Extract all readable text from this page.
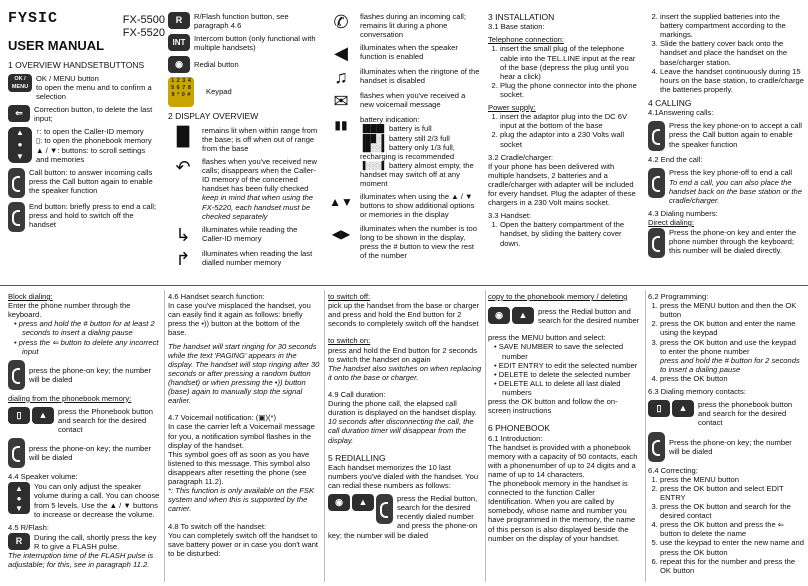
FYSIC

USER MANUAL

1 OVERVIEW HANDSETBUTTONS

OK / MENU

OK / MENU button
to open the menu and to confirm a selection

⇐	Correction button, to delete the last input;

▲
●
▼

↑: to open the Caller-ID memory
▯: to open the phonebook memory
▲ / ▼: buttons: to scroll settings and memories

Call button: to answer incoming calls press the Call button again to enable the speaker function

End button: briefly press to end a call; press and hold to switch off the handset

FX-5500

FX-5520

R	R/Flash function button, see paragraph 4.6

INT	Intercom button (only functional with multiple handsets)

◉	Redial button

1 2 3 4 5 6 7 8 9 * 0 #	Keypad

2 DISPLAY OVERVIEW

▐▌ remains lit when within range from the base; is off when out of range from the base

↶	flashes when you've received new calls; disappears when the Caller-ID memory of the concerned handset has been fully checked

keep in mind that when using the FX-5220, each handset must be checked separately

↳	illuminates while reading the Caller-ID memory

↱	illuminates when reading the last dialled number memory

✆	flashes during an incoming call; remains lit during a phone conversation

◀	illuminates when the speaker function is enabled

♫	illuminates when the ringtone of the handset is disabled

✉	flashes when you've received a new voicemail message

▮▮	battery indication:

▐███▌ battery is full

▐██░▌ battery still 2/3 full

▐█░░▌ battery only 1/3 full, recharging is recommended

▐░░░▌ battery almost empty, the handset may switch off at any moment

▲▼ illuminates when using the ▲ / ▼ buttons to show additional options or memories in the display

◀▶	illuminates when the number is too long to be shown in the display, press the # button to view the rest of the number

3 INSTALLATION

3.1 Base station:

Telephone connection:

1. insert the small plug of the telephone cable into the TEL.LINE input at the rear of the base (depress the plug until you hear a click)
2. Plug the phone connector into the phone socket.

Power supply:

1. insert the adaptor plug into the DC 6V input at the bottom of the base
2. plug the adaptor into a 230 Volts wall socket

3.2 Cradle/charger:

If your phone has been delivered with multiple handsets, 2 batteries and a cradle/charger with adapter will be included for every handset. Plug the adapter of these chargers in a 230 Volt mains socket.

3.3 Handset:

1. Open the battery compartment of the handset, by sliding the battery cover down.
2. insert the supplied batteries into the battery compartment according to the markings.
3. Slide the battery cover back onto the handset and place the handset on the base/charger station.
4. Leave the handset continuously during 15 hours on the base station, to cradle/charge the batteries properly.

4 CALLING

4.1Answering calls:

Press the key phone-on to accept a call press the Call button again to enable the speaker function

4.2 End the call:

Press the key phone-off to end a call

To end a call, you can also place the handset back on the base station or the cradle/charger.

4.3 Dialing numbers:

Direct dialing:

Press the phone-on key and enter the phone number through the keyboard; this number will be dialed directly.

Block dialing:

Enter the phone number through the keyboard.

• press and hold the # button for at least 2 seconds to insert a dialing pause
• press the ⇐ button to delete any incorrect input

press the phone-on key; the number will be dialed

dialing from the phonebook memory:

▯	▲	press the Phonebook button and search for the desired contact

press the phone-on key; the number will be dialed

4.4 Speaker volume:

▲
●
▼

You can only adjust the speaker volume during a call. You can choose from 5 levels. Use the ▲ / ▼ buttons to increase or decrease the volume.

4.5 R/Flash:

R	During the call, shortly press the key R to give a FLASH pulse.

The interruption time of the FLASH pulse is adjustable; for this, see in paragraph 11.2.

4.6 Handset search function:

In case you've misplaced the handset, you can easily find it again as follows: briefly press the •)) button at the bottom of the base.

The handset will start ringing for 30 seconds while the text 'PAGING' appears in the display. The handset will stop ringing after 30 seconds or after pressing a random button (handset) or when pressing the •)) button (base) again to manually stop the signal earlier.

4.7 Voicemail notification: (▣)(*)

In case the carrier left a Voicemail message for you, a notification symbol flashes in the display of the handset.

This symbol goes off as soon as you have listened to this message. This symbol also disappears after resetting the phone (see paragraph 11.2).

*: This function is only available on the FSK system and when this is supported by the carrier.

4.8 To switch off the handset:

You can completely switch off the handset to save battery power or in case you don't want to be disturbed:

to switch off:

pick up the handset from the base or charger and press and hold the End button for 2 seconds to completely switch off the handset

to switch on:

press and hold the End button for 2 seconds to switch the handset on again

The handset also switches on when replacing it onto the base or charger.

4.9 Call duration:

During the phone call, the elapsed call duration is displayed on the handset display.

10 seconds after disconnecting the call, the call duration timer will disappear from the display.

5 REDIALLING

Each handset memorizes the 10 last numbers you've dialed with the handset. You can redial these numbers as follows:

◉	▲	press the Redial button, search for the desired recently dialed number and press the phone-on

key; the number will be dialed

copy to the phonebook memory / deleting

◉	▲	press the Redial button and search for the desired number

press the MENU button and select:

• SAVE NUMBER to save the selected number
• EDIT ENTRY to edit the selected number
• DELETE to delete the selected number
• DELETE ALL to delete all last dialed numbers

press the OK button and follow the on-screen instructions

6 PHONEBOOK

6.1 Introduction:

The handset is provided with a phonebook memory with a capacity of 50 contacts, each with a phonenumber of up to 24 digits and a name of up to 14 characters.

The phonebook memory in the handset is connected to the function Caller Identification. When you are called by somebody, whose name and number you have programmed in the memory, the name of this person is also displayed beside the number on the display of your handset.

6.2 Programming:

1. press the MENU button and then the OK button
2. press the OK button and enter the name using the keypad
3. press the OK button and use the keypad to enter the phone number
press and hold the # button for 2 seconds to insert a dialing pause
4. press the OK button

6.3 Dialing memory contacts:

▯	▲	press the phonebook button and search for the desired contact

Press the phone-on key; the number will be dialed

6.4 Correcting:

1. press the MENU button
2. press the OK button and select EDIT ENTRY
3. press the OK button and search for the desired contact
4. press the OK button and press the ⇐ button to delete the name
5. use the keypad to enter the new name and press the OK button
6. repeat this for the number and press the OK button
